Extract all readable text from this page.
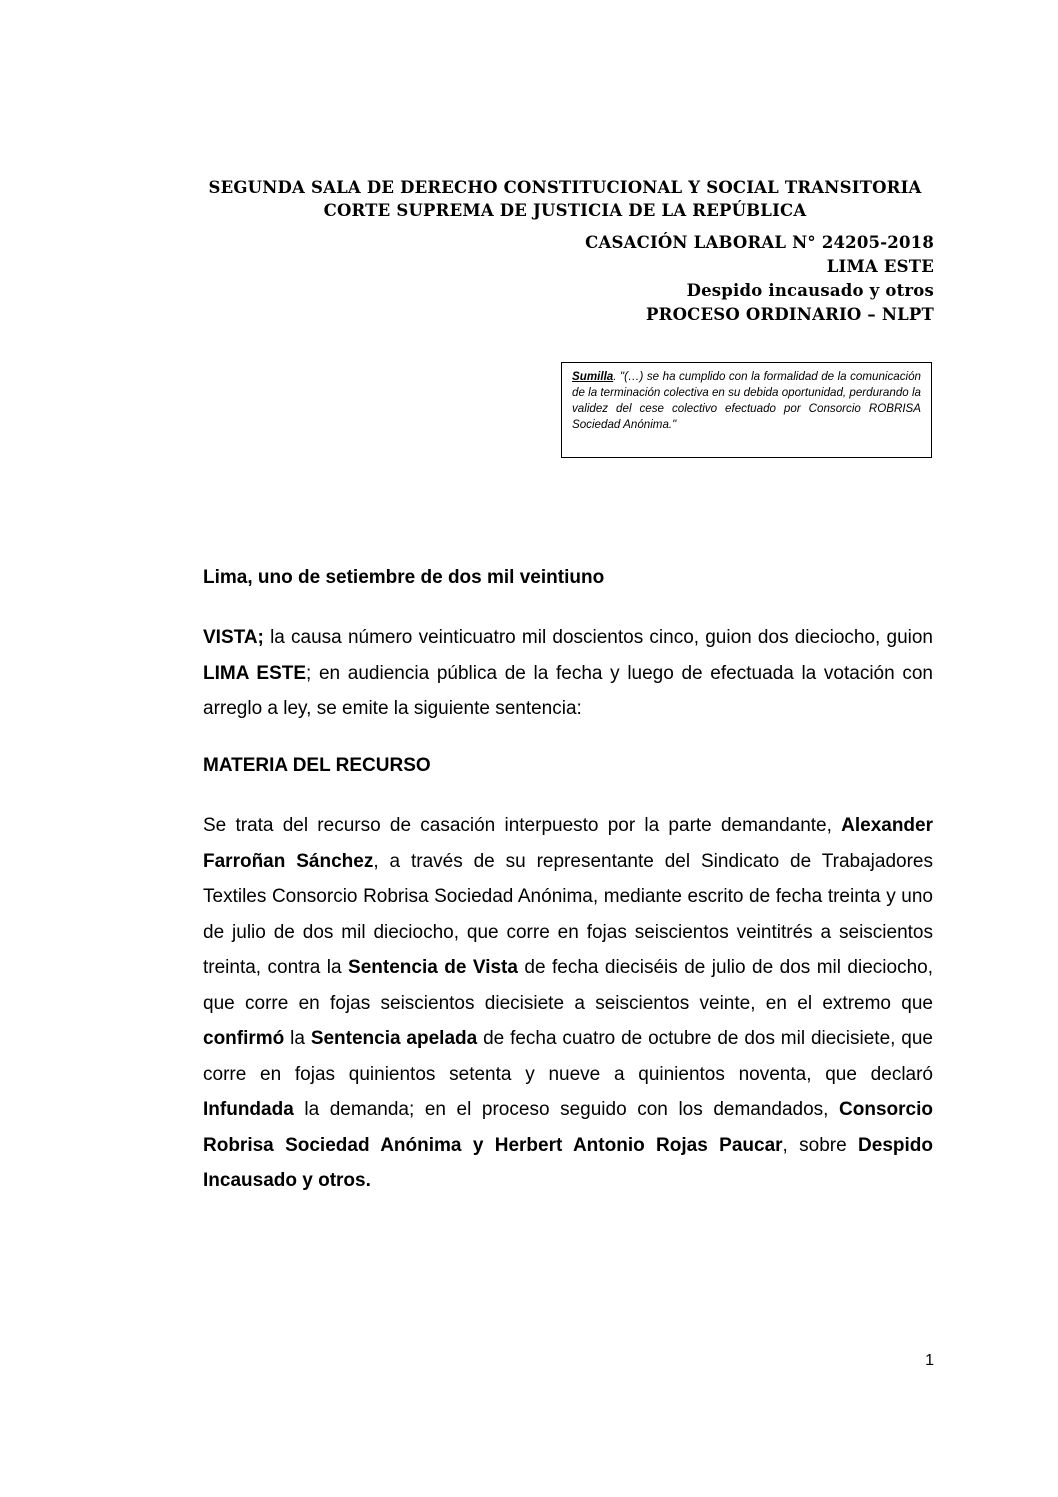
SEGUNDA SALA DE DERECHO CONSTITUCIONAL Y SOCIAL TRANSITORIA
CORTE SUPREMA DE JUSTICIA DE LA REPÚBLICA
CASACIÓN LABORAL N° 24205-2018
LIMA ESTE
Despido incausado y otros
PROCESO ORDINARIO – NLPT
Sumilla. "(…) se ha cumplido con la formalidad de la comunicación de la terminación colectiva en su debida oportunidad, perdurando la validez del cese colectivo efectuado por Consorcio ROBRISA Sociedad Anónima."

Lima, uno de setiembre de dos mil veintiuno

VISTA; la causa número veinticuatro mil doscientos cinco, guion dos dieciocho, guion LIMA ESTE; en audiencia pública de la fecha y luego de efectuada la votación con arreglo a ley, se emite la siguiente sentencia:

MATERIA DEL RECURSO

Se trata del recurso de casación interpuesto por la parte demandante, Alexander Farroñan Sánchez, a través de su representante del Sindicato de Trabajadores Textiles Consorcio Robrisa Sociedad Anónima, mediante escrito de fecha treinta y uno de julio de dos mil dieciocho, que corre en fojas seiscientos veintitrés a seiscientos treinta, contra la Sentencia de Vista de fecha dieciséis de julio de dos mil dieciocho, que corre en fojas seiscientos diecisiete a seiscientos veinte, en el extremo que confirmó la Sentencia apelada de fecha cuatro de octubre de dos mil diecisiete, que corre en fojas quinientos setenta y nueve a quinientos noventa, que declaró Infundada la demanda; en el proceso seguido con los demandados, Consorcio Robrisa Sociedad Anónima y Herbert Antonio Rojas Paucar, sobre Despido Incausado y otros.

1
